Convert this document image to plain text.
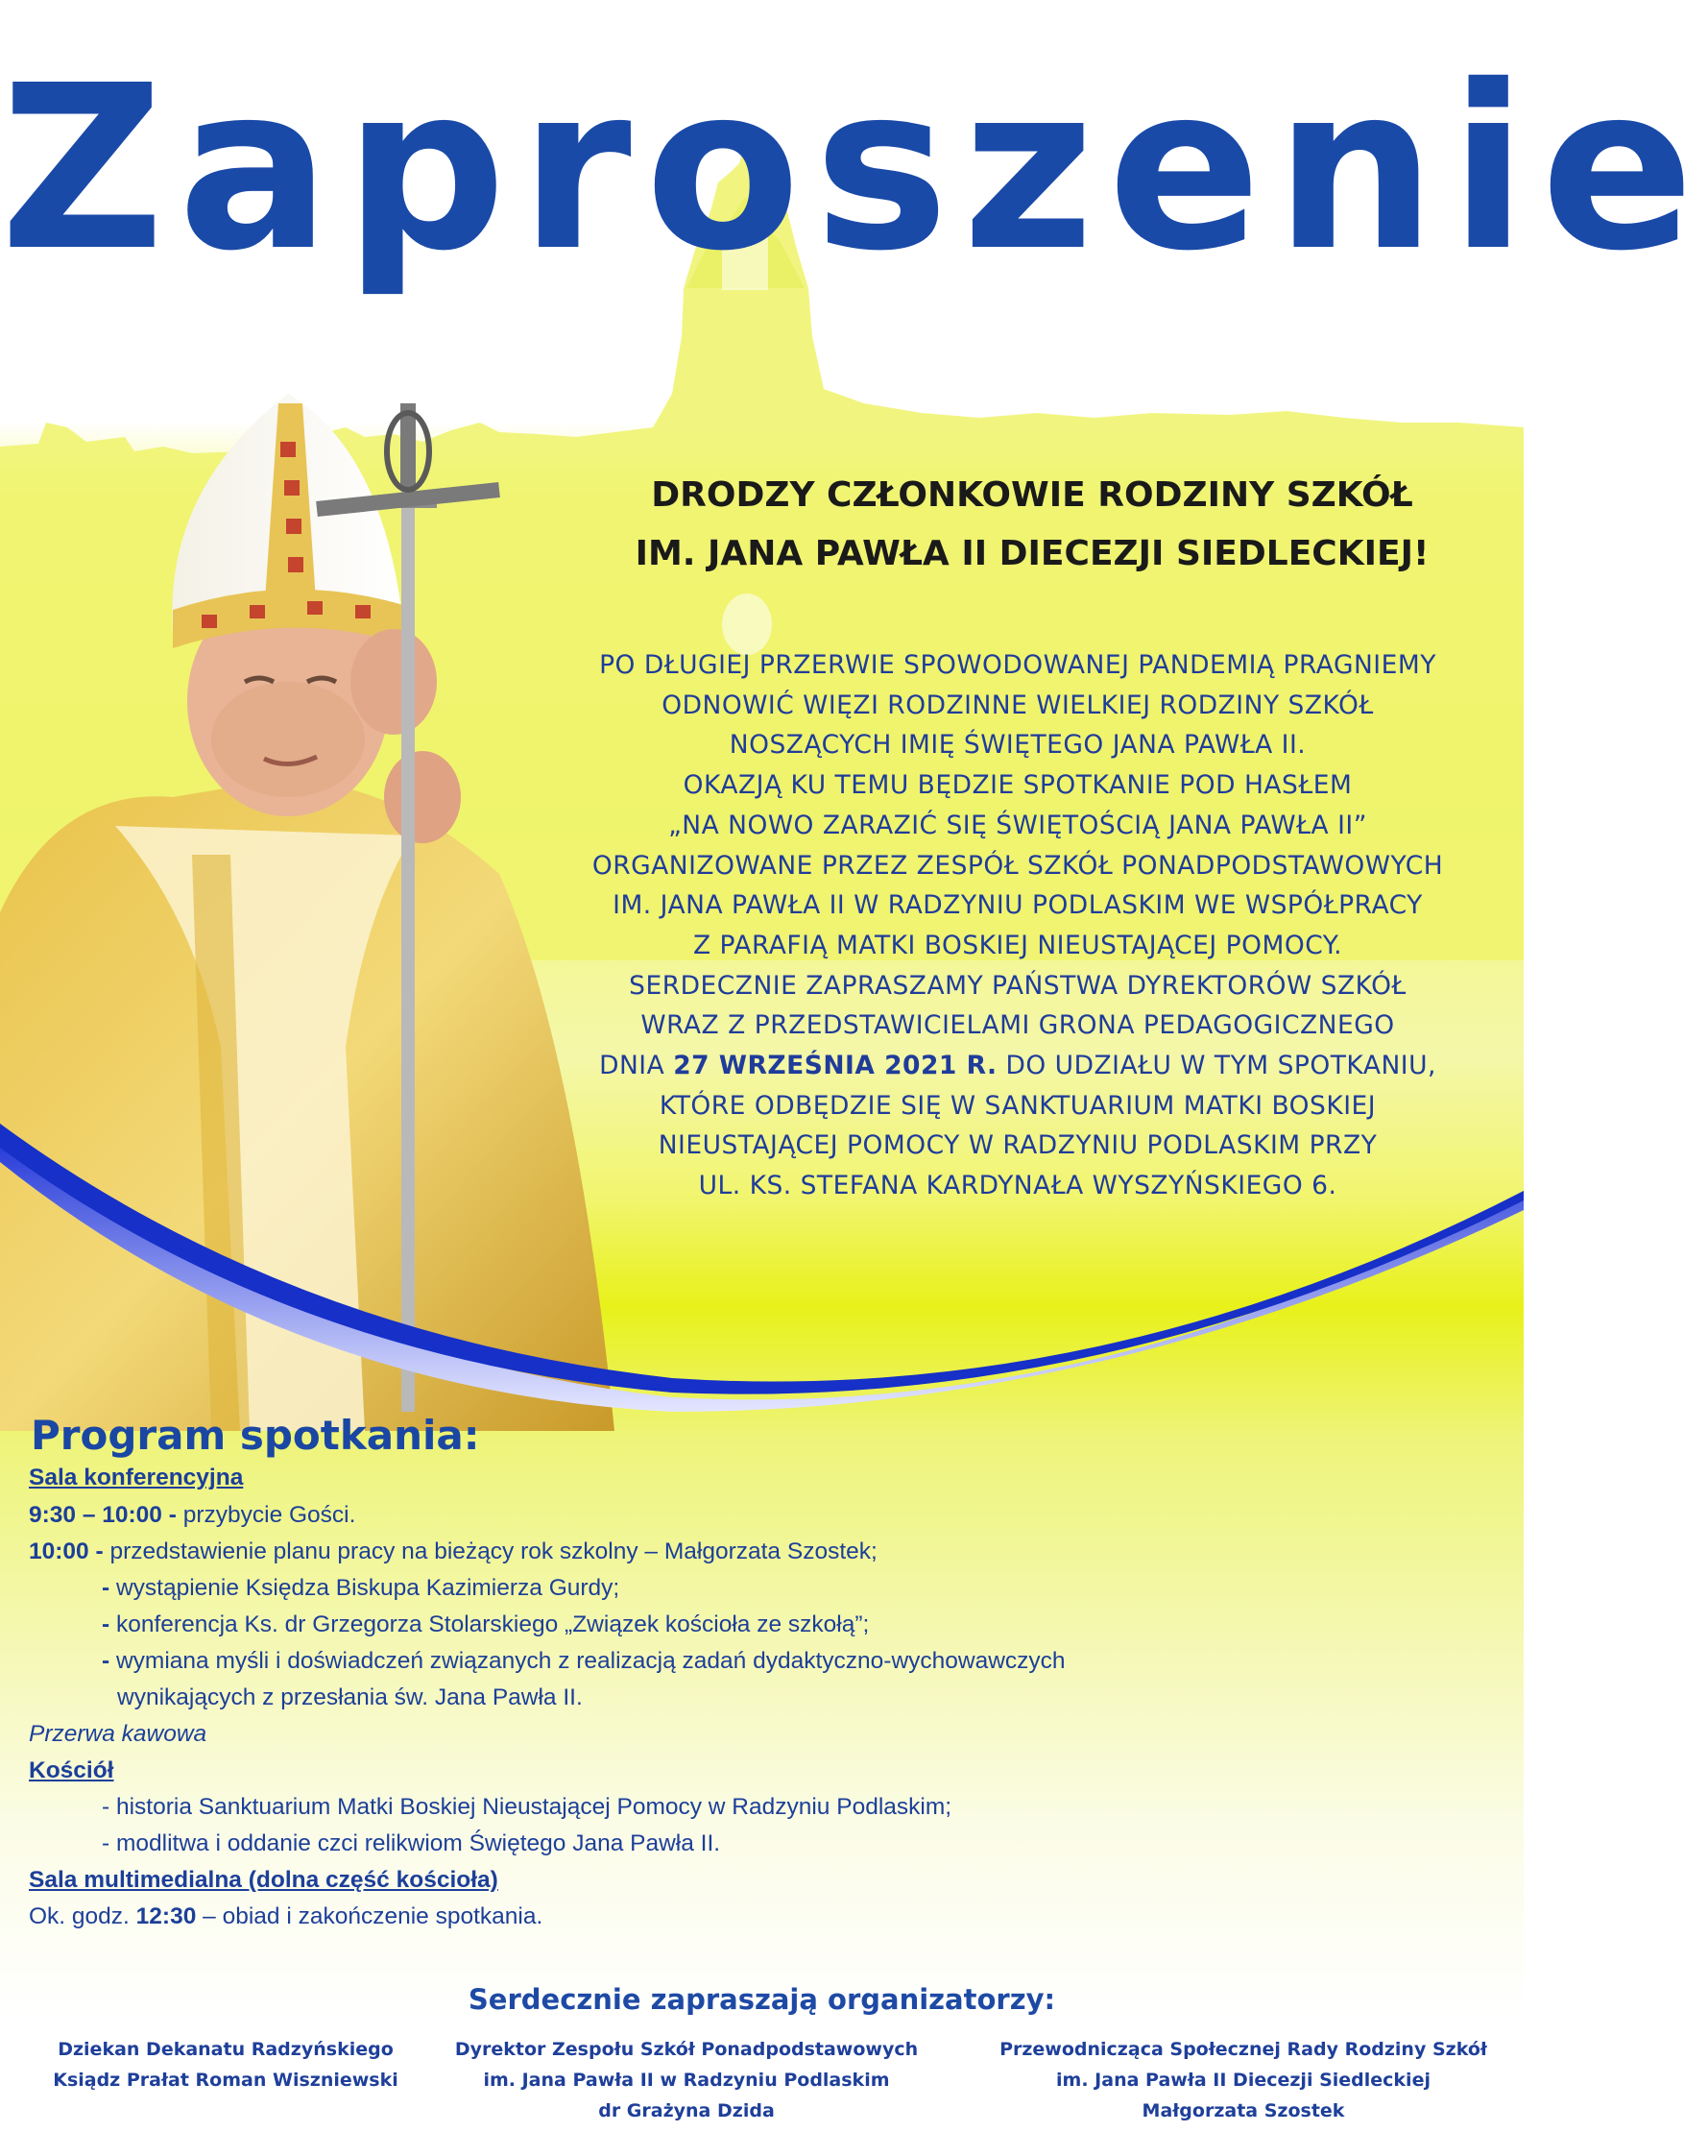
Zaproszenie
DRODZY CZŁONKOWIE RODZINY SZKÓŁ
IM. JANA PAWŁA II DIECEZJI SIEDLECKIEJ!
PO DŁUGIEJ PRZERWIE SPOWODOWANEJ PANDEMIĄ PRAGNIEMY
ODNOWIĆ WIĘZI RODZINNE WIELKIEJ RODZINY SZKÓŁ
NOSZĄCYCH IMIĘ ŚWIĘTEGO JANA PAWŁA II.
OKAZJĄ KU TEMU BĘDZIE SPOTKANIE POD HASŁEM
„NA NOWO ZARAZIĆ SIĘ ŚWIĘTOŚCIĄ JANA PAWŁA II”
ORGANIZOWANE PRZEZ ZESPÓŁ SZKÓŁ PONADPODSTAWOWYCH
IM. JANA PAWŁA II W RADZYNIU PODLASKIM WE WSPÓŁPRACY
Z PARAFIĄ MATKI BOSKIEJ NIEUSTAJĄCEJ POMOCY.
SERDECZNIE ZAPRASZAMY PAŃSTWA DYREKTORÓW SZKÓŁ
WRAZ Z PRZEDSTAWICIELAMI GRONA PEDAGOGICZNEGO
DNIA 27 WRZEŚNIA 2021 R. DO UDZIAŁU W TYM SPOTKANIU,
KTÓRE ODBĘDZIE SIĘ W SANKTUARIUM MATKI BOSKIEJ
NIEUSTAJĄCEJ POMOCY W RADZYNIU PODLASKIM PRZY
UL. KS. STEFANA KARDYNAŁA WYSZYŃSKIEGO 6.
Program spotkania:
Sala konferencyjna
9:30 – 10:00 - przybycie Gości.
10:00 - przedstawienie planu pracy na bieżący rok szkolny – Małgorzata Szostek;
- wystąpienie Księdza Biskupa Kazimierza Gurdy;
- konferencja Ks. dr Grzegorza Stolarskiego „Związek kościoła ze szkołą”;
- wymiana myśli i doświadczeń związanych z realizacją zadań dydaktyczno-wychowawczych
wynikających z przesłania św. Jana Pawła II.
Przerwa kawowa
Kościół
- historia Sanktuarium Matki Boskiej Nieustającej Pomocy w Radzyniu Podlaskim;
- modlitwa i oddanie czci relikwiom Świętego Jana Pawła II.
Sala multimedialna (dolna część kościoła)
Ok. godz. 12:30 – obiad i zakończenie spotkania.
Serdecznie zapraszają organizatorzy:
Dziekan Dekanatu Radzyńskiego
Ksiądz Prałat Roman Wiszniewski
Dyrektor Zespołu Szkół Ponadpodstawowych
im. Jana Pawła II w Radzyniu Podlaskim
dr Grażyna Dzida
Przewodnicząca Społecznej Rady Rodziny Szkół
im. Jana Pawła II Diecezji Siedleckiej
Małgorzata Szostek
